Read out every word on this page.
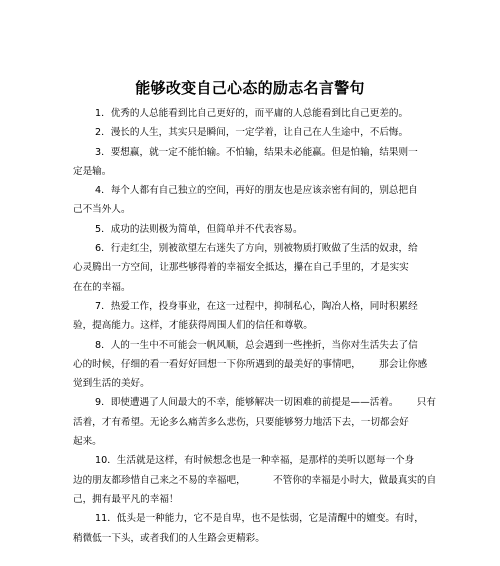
能够改变自己心态的励志名言警句
1．优秀的人总能看到比自己更好的，而平庸的人总能看到比自己更差的。
2．漫长的人生，其实只是瞬间，一定学着，让自己在人生途中，不后悔。
3．要想赢，就一定不能怕输。不怕输，结果未必能赢。但是怕输，结果则一
定是输。
4．每个人都有自己独立的空间，再好的朋友也是应该亲密有间的，别总把自
己不当外人。
5．成功的法则极为简单，但简单并不代表容易。
6．行走红尘，别被欲望左右迷失了方向，别被物质打败做了生活的奴隶，给
心灵腾出一方空间，让那些够得着的幸福安全抵达，攥在自己手里的，才是实实
在在的幸福。
7．热爱工作，投身事业，在这一过程中，抑制私心，陶冶人格，同时积累经
验，提高能力。这样，才能获得周围人们的信任和尊敬。
8．人的一生中不可能会一帆风顺，总会遇到一些挫折，当你对生活失去了信
心的时候，仔细的看一看好好回想一下你所遇到的最美好的事情吧，      那会让你感
觉到生活的美好。
9．即使遭遇了人间最大的不幸，能够解决一切困难的前提是——活着。      只有
活着，才有希望。无论多么痛苦多么悲伤，只要能够努力地活下去，一切都会好
起来。
10．生活就是这样，有时候想念也是一种幸福，是那样的美听以愿每一个身
边的朋友都珍惜自己来之不易的幸福吧，         不管你的幸福是小时大，做最真实的自
己，拥有最平凡的幸福！
11．低头是一种能力，它不是自卑，也不是怯弱，它是清醒中的嬗变。有时，
稍微低一下头，或者我们的人生路会更精彩。
